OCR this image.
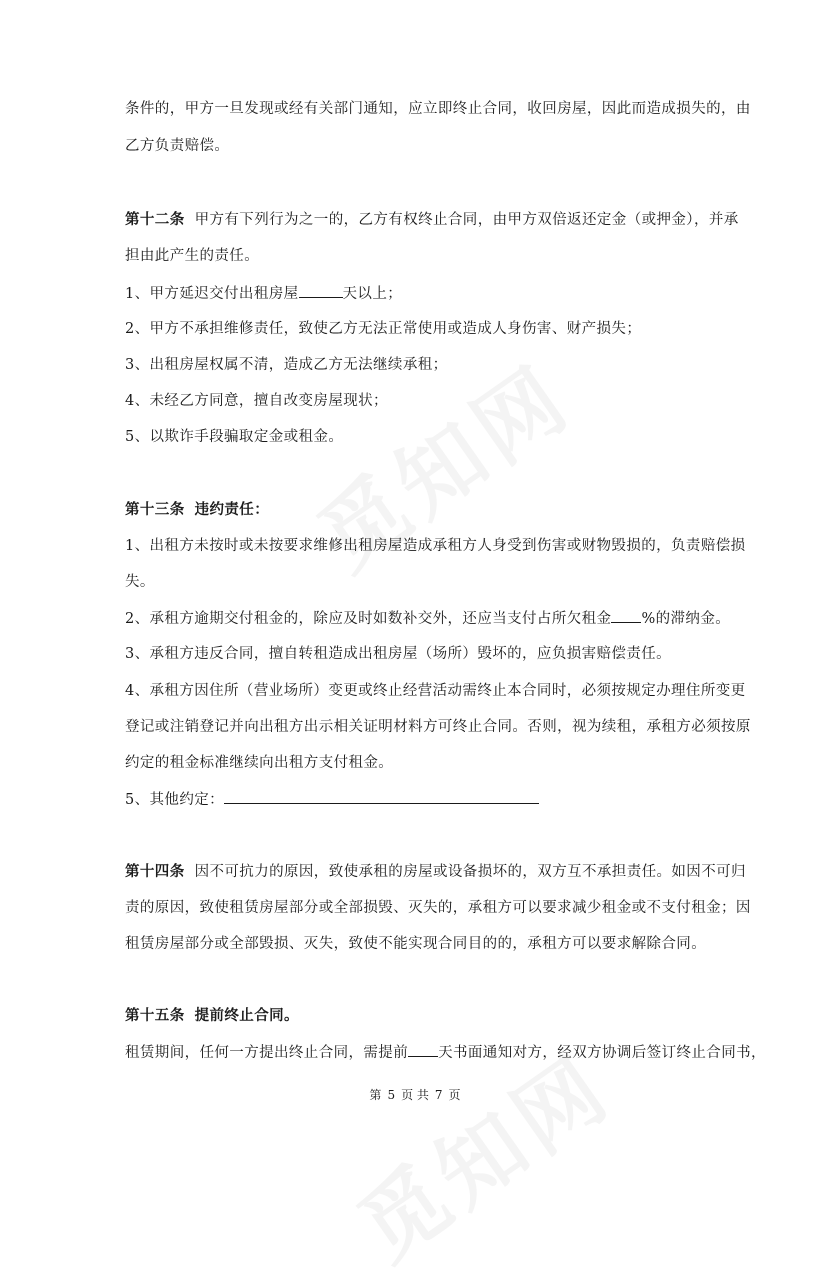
条件的，甲方一旦发现或经有关部门通知，应立即终止合同，收回房屋，因此而造成损失的，由
乙方负责赔偿。
第十二条 甲方有下列行为之一的，乙方有权终止合同，由甲方双倍返还定金（或押金），并承
担由此产生的责任。
1、甲方延迟交付出租房屋	天以上；
2、甲方不承担维修责任，致使乙方无法正常使用或造成人身伤害、财产损失；
3、出租房屋权属不清，造成乙方无法继续承租；
4、未经乙方同意，擅自改变房屋现状；
5、以欺诈手段骗取定金或租金。
第十三条 违约责任：
1、出租方未按时或未按要求维修出租房屋造成承租方人身受到伤害或财物毁损的，负责赔偿损
失。
2、承租方逾期交付租金的，除应及时如数补交外，还应当支付占所欠租金 %的滞纳金。
3、承租方违反合同，擅自转租造成出租房屋（场所）毁坏的，应负损害赔偿责任。
4、承租方因住所（营业场所）变更或终止经营活动需终止本合同时，必须按规定办理住所变更
登记或注销登记并向出租方出示相关证明材料方可终止合同。否则，视为续租，承租方必须按原
约定的租金标准继续向出租方支付租金。
5、其他约定：
第十四条 因不可抗力的原因，致使承租的房屋或设备损坏的，双方互不承担责任。如因不可归
责的原因，致使租赁房屋部分或全部损毁、灭失的，承租方可以要求减少租金或不支付租金；因
租赁房屋部分或全部毁损、灭失，致使不能实现合同目的的，承租方可以要求解除合同。
第十五条 提前终止合同。
租赁期间，任何一方提出终止合同，需提前 天书面通知对方，经双方协调后签订终止合同书，
第 5 页 共 7 页
